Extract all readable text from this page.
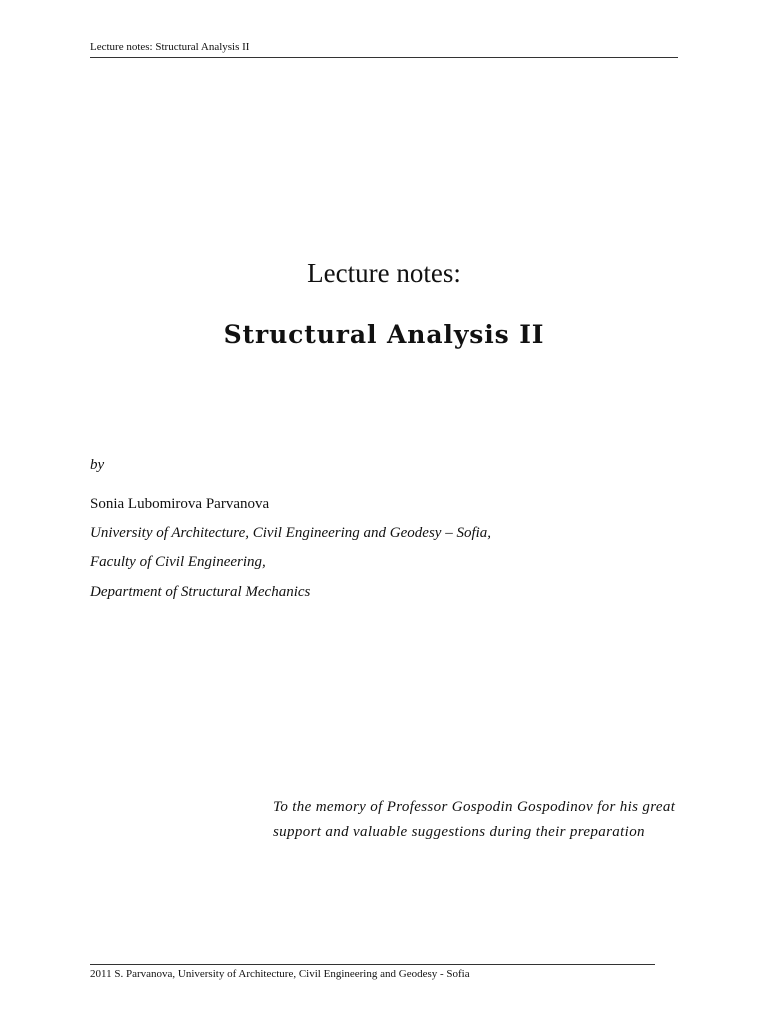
Lecture notes: Structural Analysis II
Lecture notes:
Structural Analysis II
by
Sonia Lubomirova Parvanova
University of Architecture, Civil Engineering and Geodesy – Sofia,
Faculty of Civil Engineering,
Department of Structural Mechanics
To the memory of Professor Gospodin Gospodinov for his great support and valuable suggestions during their preparation
2011 S. Parvanova, University of Architecture, Civil Engineering and Geodesy - Sofia
